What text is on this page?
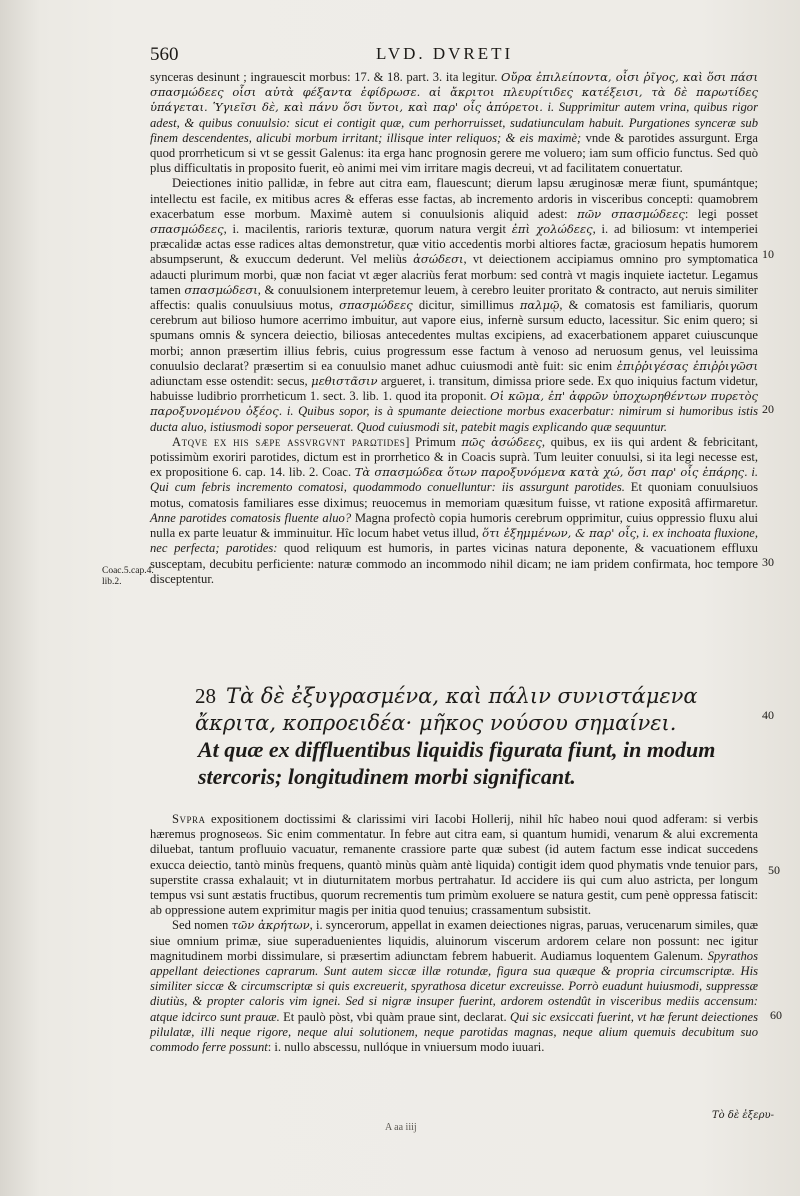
560	LVD. DVRETI

synceras desinunt ; ingrauescit morbus: 17. & 18. part. 3. ita legitur. Οὔρα ἐπιλείποντα, οἷσι ῥῖγος, καὶ ὅσι πάσι σπασμώδεες οἷσι αὐτὰ φέξαντα ἐφίδρωσε. αἱ ἄκριτοι πλευρίτιδες κατέξεισι, τὰ δὲ παρωτίδες ὑπάγεται. Ὑγιεῖσι δὲ, καὶ πάνυ ὅσι ὕντοι, καὶ παρ' οἷς ἀπύρετοι. i. Supprimitur autem vrina, quibus rigor adest, & quibus conuulsio: sicut ei contigit quæ, cum perhorruisset, sudatiunculam habuit. Purgationes synceræ sub finem descendentes, alicubi morbum irritant; illisque inter reliquos; & eis maximè; vnde & parotides assurgunt. Erga quod prorrheticum si vt se gessit Galenus: ita erga hanc prognosin gerere me voluero; iam sum officio functus. Sed quò plus difficultatis in proposito fuerit, eò animi mei vim irritare magis decreui, vt ad facilitatem conuertatur.

Deiectiones initio pallidæ, in febre aut citra eam, flauescunt; dierum lapsu æruginosæ meræ fiunt, spumántque; intellectu est facile, ex mitibus acres & efferas esse factas, ab incremento ardoris in visceribus concepti: quamobrem exacerbatum esse morbum. Maximè autem si conuulsionis aliquid adest: πῶν σπασμώδεες: legi posset σπασμώδεες, i. macilentis, rarioris texturæ, quorum natura vergit ἐπὶ χολώδεες, i. ad biliosum: vt intemperiei præcalidæ actas esse radices altas demonstretur, quæ vitio accedentis morbi altiores factæ, graciosum hepatis humorem absumpserunt, & exuccum dederunt. Vel meliùs ἀσώδεσι, vt deiectionem accipiamus omnino pro symptomatica adaucti plurimum morbi, quæ non faciat vt æger alacriùs ferat morbum: sed contrà vt magis inquiete iactetur. Legamus tamen σπασμώδεσι, & conuulsionem interpretemur leuem, à cerebro leuiter proritato & contracto, aut neruis similiter affectis: qualis conuulsiuus motus, σπασμώδεες dicitur, simillimus παλμῷ, & comatosis est familiaris, quorum cerebrum aut bilioso humore acerrimo imbuitur, aut vapore eius, infernè sursum educto, lacessitur. Sic enim quero; si spumans omnis & syncera deiectio, biliosas antecedentes multas excipiens, ad exacerbationem apparet cuiuscunque morbi; annon præsertim illius febris, cuius progressum esse factum à venoso ad neruosum genus, vel leuissima conuulsio declarat? præsertim si ea conuulsio manet adhuc cuiusmodi antè fuit: sic enim ἐπιῤῥιγέσας ἐπιῤῥιγῶσι adiunctam esse ostendit: secus, μεθιστᾶσιν argueret, i. transitum, dimissa priore sede. Ex quo iniquius factum videtur, habuisse ludibrio prorrheticum 1. sect. 3. lib. 1. quod ita proponit. Οἱ κῶμα, ἐπ' ἀφρῶν ὑποχωρηθέντων πυρετὸς παροξυνομένου ὀξέος. i. Quibus sopor, is à spumante deiectione morbus exacerbatur: nimirum si humoribus istis ducta aluo, istiusmodi sopor perseuerat. Quod cuiusmodi sit, patebit magis explicando quæ sequuntur.

Atqve ex his sæpe assvrgvnt parωtides] Primum πῶς ἀσώδεες, quibus, ex iis qui ardent & febricitant, potissimùm exoriri parotides, dictum est in prorrhetico & in Coacis suprà. Tum leuiter conuulsi, si ita legi necesse est, ex propositione 6. cap. 14. lib. 2. Coac. Τὰ σπασμώδεα ὅτων παροξυνόμενα κατὰ χώ, ὅσι παρ' οἷς ἐπάρης. i. Qui cum febris incremento comatosi, quodammodo conuelluntur: iis assurgunt parotides. Et quoniam conuulsiuos motus, comatosis familiares esse diximus; reuocemus in memoriam quæsitum fuisse, vt ratione expositâ affirmaretur. Anne parotides comatosis fluente aluo? Magna profectò copia humoris cerebrum opprimitur, cuius oppressio fluxu alui nulla ex parte leuatur & imminuitur. Hîc locum habet vetus illud, ὅτι ἐξημμένων, & παρ' οἷς, i. ex inchoata fluxione, nec perfecta; parotides: quod reliquum est humoris, in partes vicinas natura deponente, & vacuationem effluxu susceptam, decubitu perficiente: naturæ commodo an incommodo nihil dicam; ne iam pridem confirmata, hoc tempore disceptentur.

Coac.5.cap.4. lib.2.
10
20
30
40
50
60
28 Τὰ δὲ ἐξυγρασμένα, καὶ πάλιν συνιστάμενα ἄκριτα, κοπροειδέα· μῆκος νούσου σημαίνει.
At quæ ex diffluentibus liquidis figurata fiunt, in modum stercoris; longitudinem morbi significant.

Svpra expositionem doctissimi & clarissimi viri Iacobi Hollerij, nihil hîc habeo noui quod adferam: si verbis hæremus prognoseωs. Sic enim commentatur. In febre aut citra eam, si quantum humidi, venarum & alui excrementa diluebat, tantum profluuio vacuatur, remanente crassiore parte quæ subest (id autem factum esse indicat succedens exucca deiectio, tantò minùs frequens, quantò minùs quàm antè liquida) contigit idem quod phymatis vnde tenuior pars, superstite crassa exhalauit; vt in diuturnitatem morbus pertrahatur. Id accidere iis qui cum aluo astricta, per longum tempus vsi sunt æstatis fructibus, quorum recrementis tum primùm exoluere se natura gestit, cum penè oppressa fatiscit: ab oppressione autem exprimitur magis per initia quod tenuius; crassamentum subsistit.

Sed nomen τῶν ἀκρήτων, i. syncerorum, appellat in examen deiectiones nigras, paruas, verucenarum similes, quæ siue omnium primæ, siue superaduenientes liquidis, aluinorum viscerum ardorem celare non possunt: nec igitur magnitudinem morbi dissimulare, si præsertim adiunctam febrem habuerit. Audiamus loquentem Galenum. Spyrathos appellant deiectiones caprarum. Sunt autem siccæ illæ rotundæ, figura sua quæque & propria circumscriptæ. His similiter siccæ & circumscriptæ si quis excreuerit, spyrathosa dicetur excreuisse. Porrò euadunt huiusmodi, suppressæ diutiùs, & propter caloris vim ignei. Sed si nigræ insuper fuerint, ardorem ostendût in visceribus mediis accensum: atque idcirco sunt prauæ. Et paulò pòst, vbi quàm praue sint, declarat. Qui sic exsiccati fuerint, vt hæ ferunt deiectiones pilulatæ, illi neque rigore, neque alui solutionem, neque parotidas magnas, neque alium quemuis decubitum suo commodo ferre possunt: i. nullo abscessu, nullóque in vniuersum modo iuuari.

A aa iiij
Τὸ δὲ ἐξερυ-
